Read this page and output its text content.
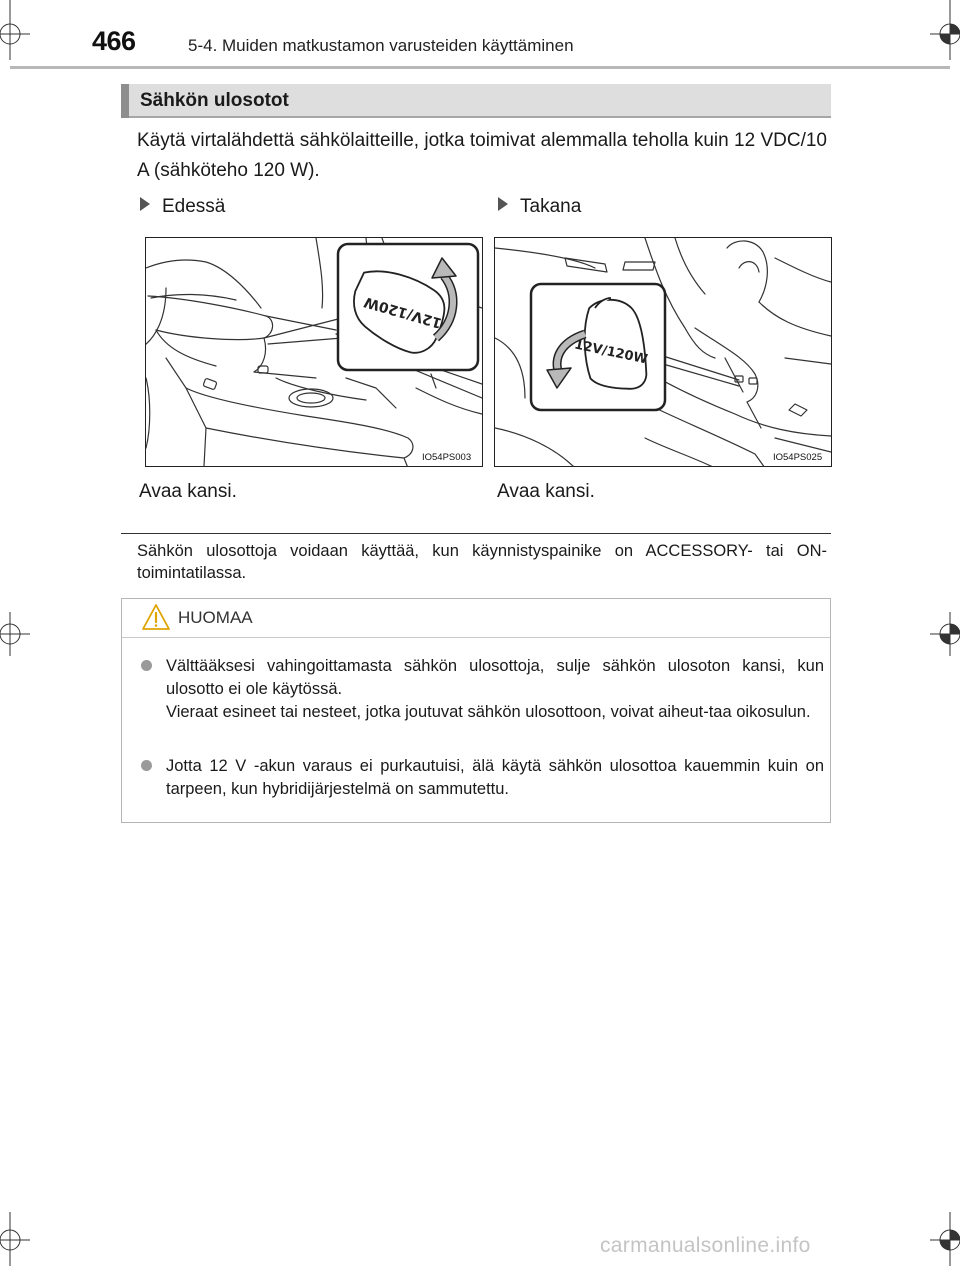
466	5-4. Muiden matkustamon varusteiden käyttäminen
Sähkön ulosotot
Käytä virtalähdettä sähkölaitteille, jotka toimivat alemmalla teholla kuin 12 VDC/10 A (sähköteho 120 W).
Edessä	Takana
12V/120W
IO54PS003
12V/120W
IO54PS025
Avaa kansi.	Avaa kansi.
Sähkön ulosottoja voidaan käyttää, kun käynnistyspainike on ACCESSORY- tai ON-toimintatilassa.
HUOMAA
Välttääksesi vahingoittamasta sähkön ulosottoja, sulje sähkön ulosoton kansi, kun ulosotto ei ole käytössä.
Vieraat esineet tai nesteet, jotka joutuvat sähkön ulosottoon, voivat aiheut-taa oikosulun.
Jotta 12 V -akun varaus ei purkautuisi, älä käytä sähkön ulosottoa kauemmin kuin on tarpeen, kun hybridijärjestelmä on sammutettu.
carmanualsonline.info
